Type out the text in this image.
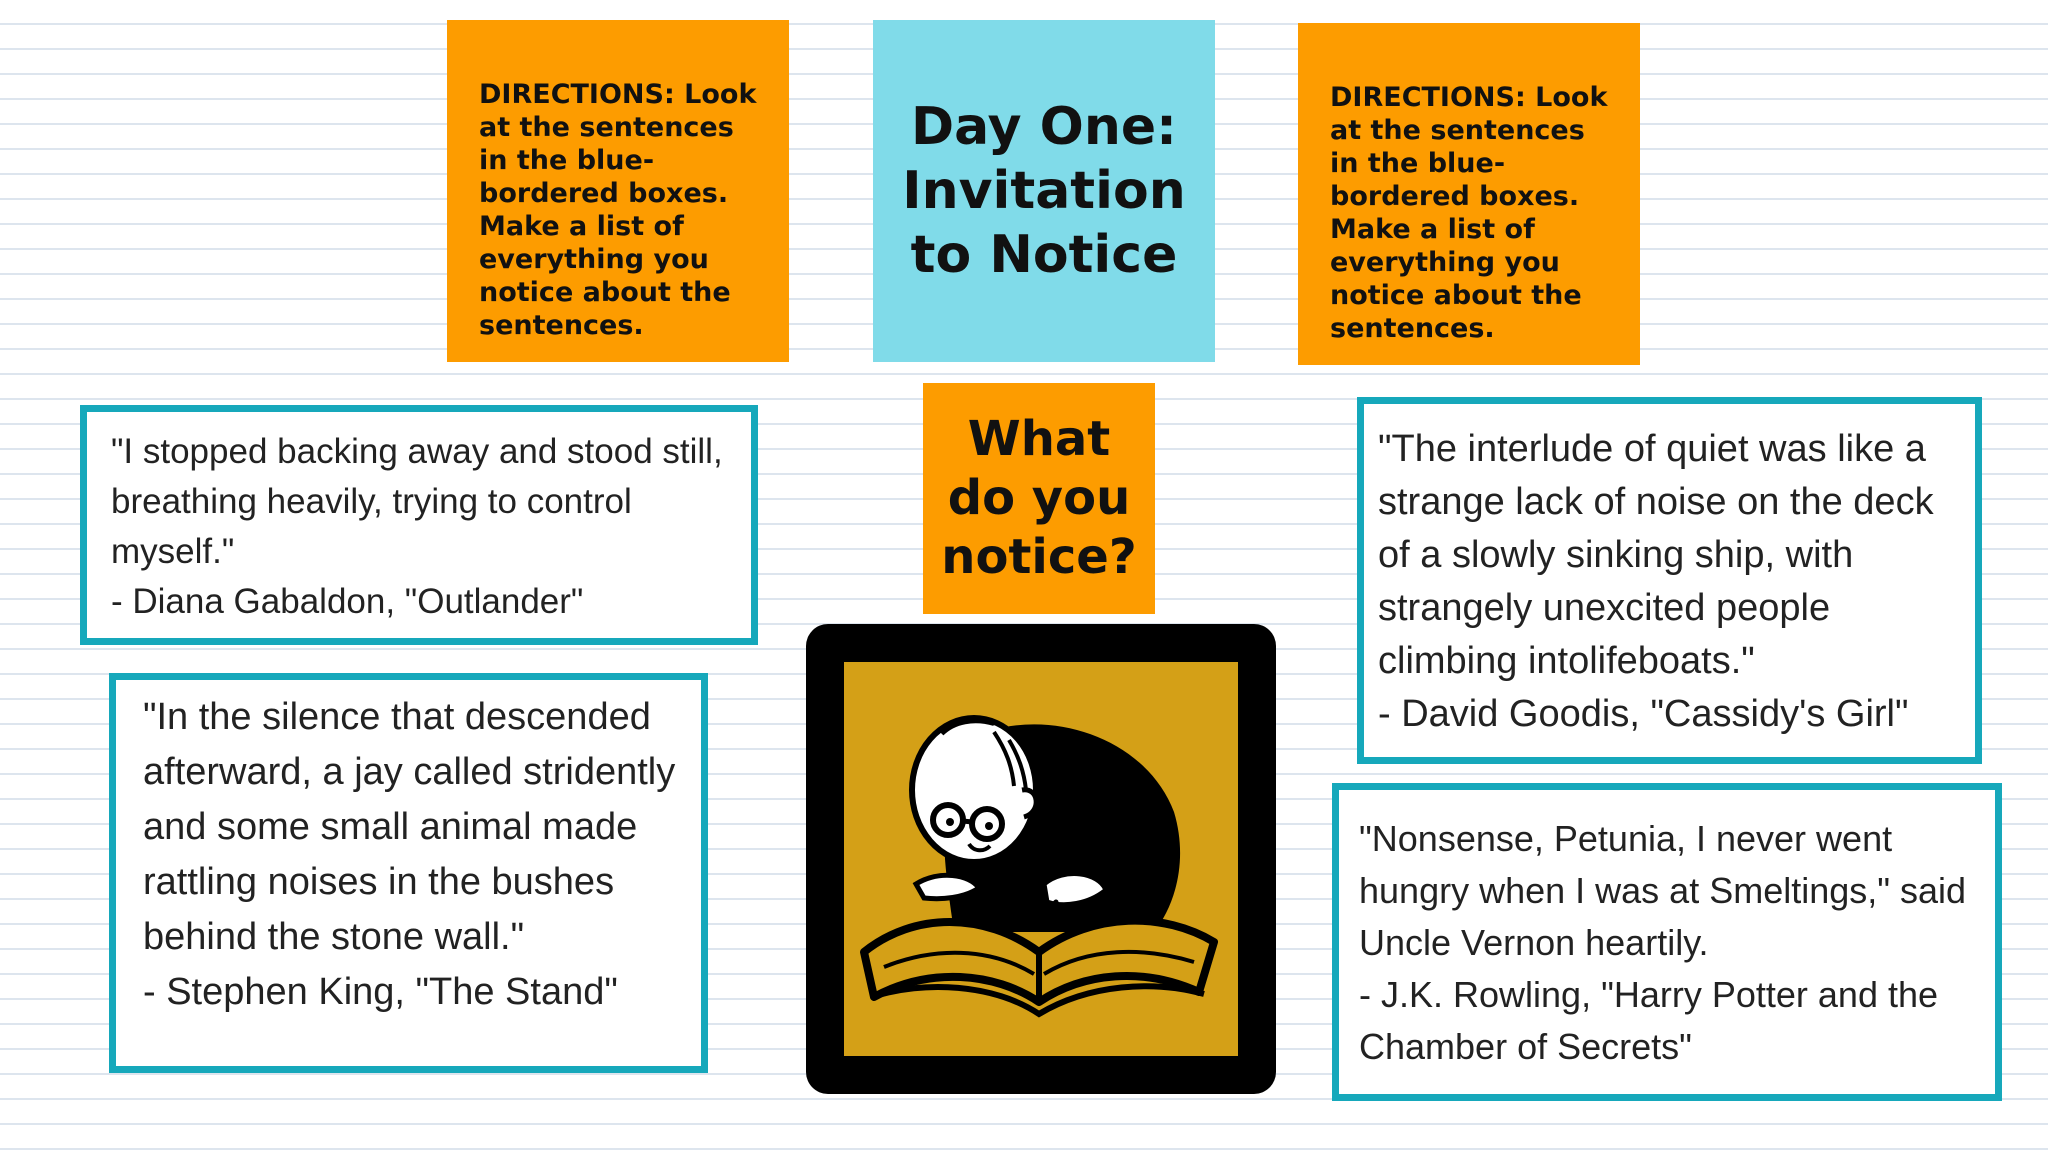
DIRECTIONS: Look at the sentences in the blue-bordered boxes. Make a list of everything you notice about the sentences.
Day One:
Invitation
to Notice
DIRECTIONS: Look at the sentences in the blue-bordered boxes. Make a list of everything you notice about the sentences.
What
do you
notice?
"I stopped backing away and stood still, breathing heavily, trying to control myself."
- Diana Gabaldon, "Outlander"
"In the silence that descended afterward, a jay called stridently and some small animal made rattling noises in the bushes behind the stone wall."
- Stephen King, "The Stand"
"The interlude of quiet was like a strange lack of noise on the deck of a slowly sinking ship, with strangely unexcited people climbing intolifeboats."
- David Goodis, "Cassidy's Girl"
"Nonsense, Petunia, I never went hungry when I was at Smeltings," said Uncle Vernon heartily.
- J.K. Rowling, "Harry Potter and the Chamber of Secrets"
